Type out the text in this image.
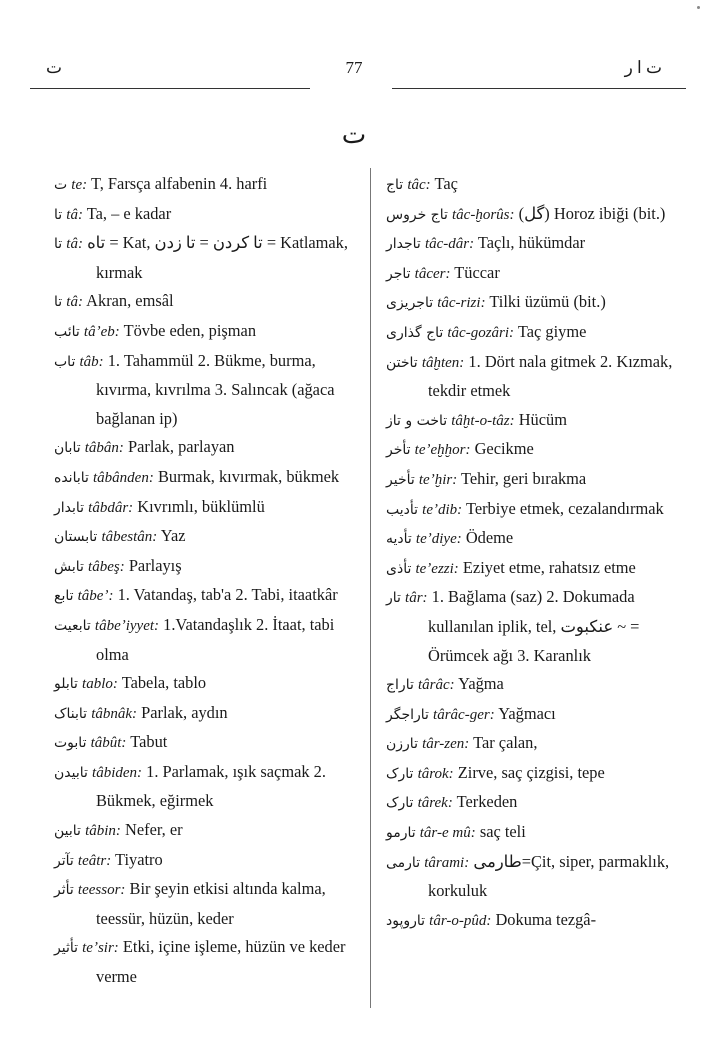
ت	77	ت ا ر
ت
ت te: T, Farsça alfabenin 4. harfi
تا tâ: Ta, – e kadar
تا tâ: تاه = Kat, تا کردن = تا زدن = Katlamak, kırmak
تا tâ: Akran, emsâl
تائب tâʼeb: Tövbe eden, pişman
تاب tâb: 1. Tahammül 2. Bükme, burma, kıvırma, kıvrılma 3. Salıncak (ağaca bağlanan ip)
تابان tâbân: Parlak, parlayan
تابانده tâbânden: Burmak, kıvırmak, bükmek
تابدار tâbdâr: Kıvrımlı, büklümlü
تابستان tâbestân: Yaz
تابش tâbeş: Parlayış
تابع tâbeʼ: 1. Vatandaş, tab'a 2. Tabi, itaatkâr
تابعیت tâbeʼiyyet: 1.Vatandaşlık 2. İtaat, tabi olma
تابلو tablo: Tabela, tablo
تابناک tâbnâk: Parlak, aydın
تابوت tâbût: Tabut
تابیدن tâbiden: 1. Parlamak, ışık saçmak 2. Bükmek, eğirmek
تابین tâbin: Nefer, er
تآتر teâtr: Tiyatro
تأثر teessor: Bir şeyin etkisi altında kalma, teessür, hüzün, keder
تأثیر teʼsir: Etki, içine işleme, hüzün ve keder verme
تاج tâc: Taç
تاج خروس tâc-ḫorûs: (گل) Horoz ibiği (bit.)
تاجدار tâc-dâr: Taçlı, hükümdar
تاجر tâcer: Tüccar
تاجریزی tâc-rizi: Tilki üzümü (bit.)
تاج گذاری tâc-gozâri: Taç giyme
تاختن tâḫten: 1. Dört nala gitmek 2. Kızmak, tekdir etmek
تاخت و تاز tâḫt-o-tâz: Hücüm
تأخر teʼeḫḫor: Gecikme
تأخیر teʼḫir: Tehir, geri bırakma
تأدیب teʼdib: Terbiye etmek, cezalandırmak
تأدیه teʼdiye: Ödeme
تأذی teʼezzi: Eziyet etme, rahatsız etme
تار târ: 1. Bağlama (saz) 2. Dokumada kullanılan iplik, tel, عنکبوت ~ = Örümcek ağı 3. Karanlık
تاراج târâc: Yağma
تاراجگر târâc-ger: Yağmacı
تارزن târ-zen: Tar çalan,
تارک târok: Zirve, saç çizgisi, tepe
تارک târek: Terkeden
تارمو târ-e mû: saç teli
تارمی târami: طارمی=Çit, siper, parmaklık, korkuluk
تاروپود târ-o-pûd: Dokuma tezgâ-
